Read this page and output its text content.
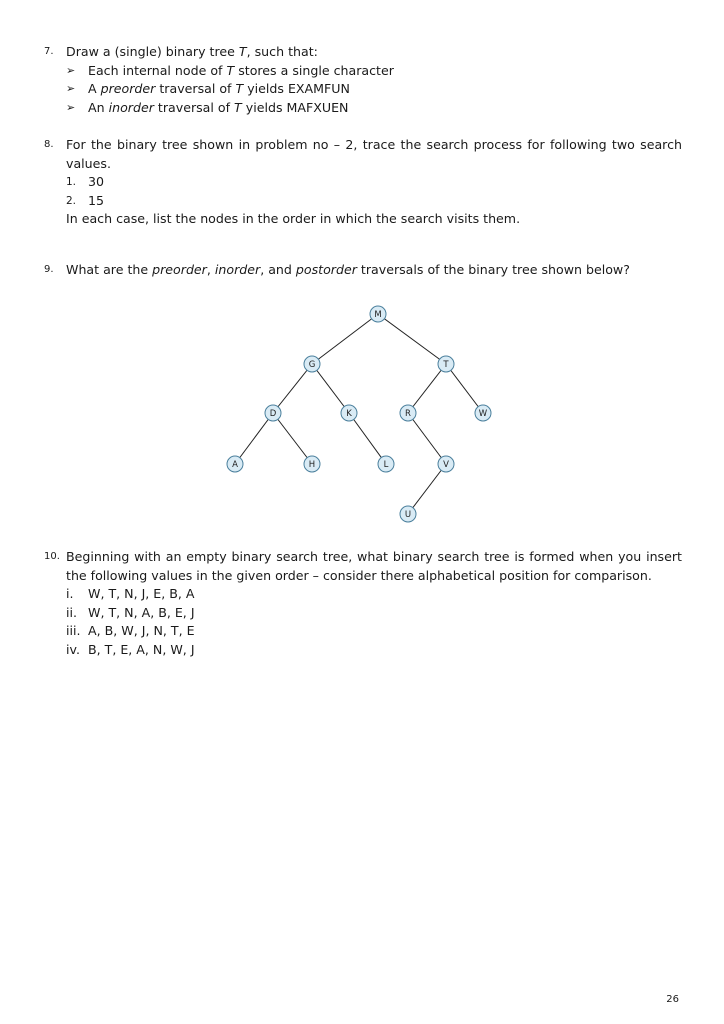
7. Draw a (single) binary tree T, such that:
➢ Each internal node of T stores a single character
➢ A preorder traversal of T yields EXAMFUN
➢ An inorder traversal of T yields MAFXUEN
8. For the binary tree shown in problem no – 2, trace the search process for following two search values.
1. 30
2. 15
In each case, list the nodes in the order in which the search visits them.
9. What are the preorder, inorder, and postorder traversals of the binary tree shown below?
M
G	T
D	K	R	W
A	H	L	V
U
10. Beginning with an empty binary search tree, what binary search tree is formed when you insert the following values in the given order – consider there alphabetical position for comparison.
i. W, T, N, J, E, B, A
ii. W, T, N, A, B, E, J
iii. A, B, W, J, N, T, E
iv. B, T, E, A, N, W, J
26
